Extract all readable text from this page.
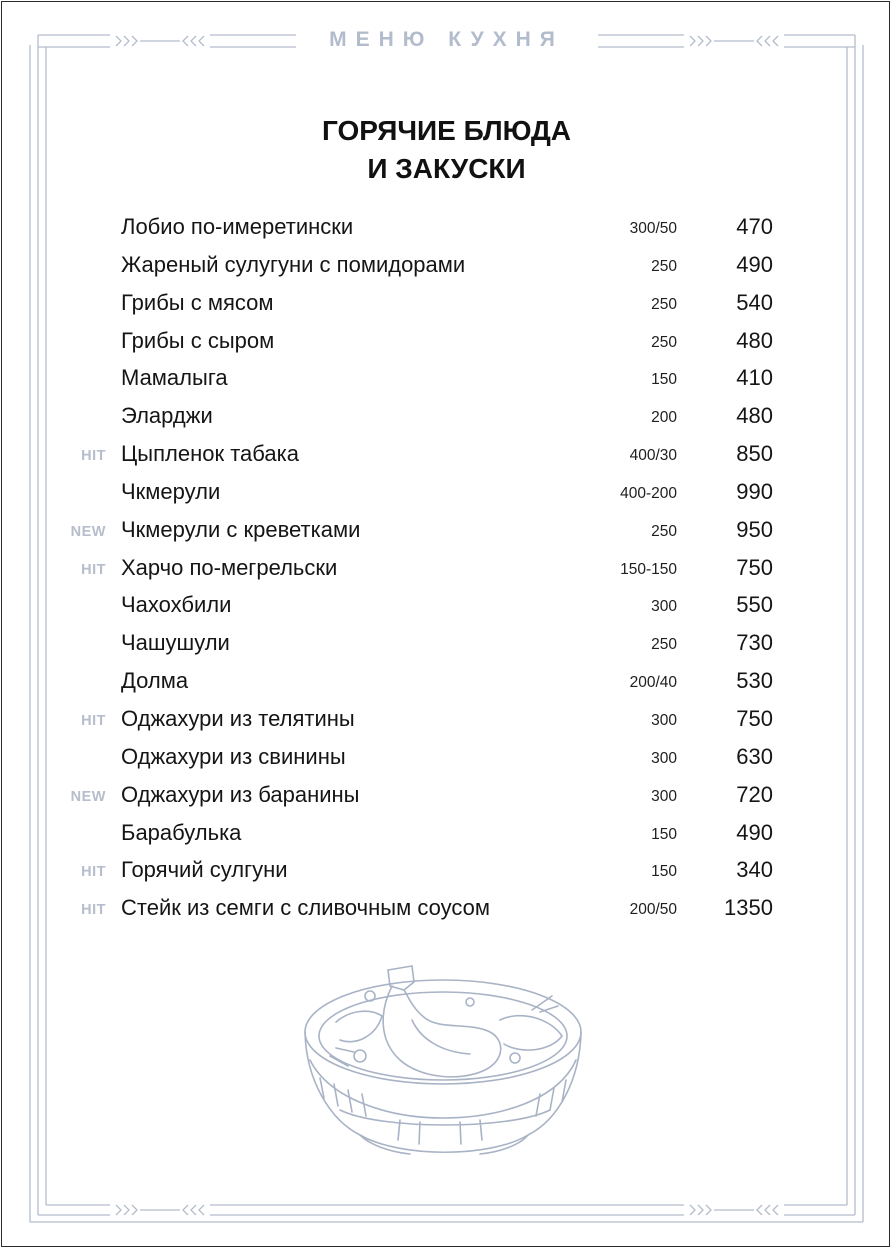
МЕНЮ КУХНЯ
ГОРЯЧИЕ БЛЮДА
И ЗАКУСКИ
Лобио по-имеретински	300/50	470
Жареный сулугуни с помидорами	250	490
Грибы с мясом	250	540
Грибы с сыром	250	480
Мамалыга	150	410
Эларджи	200	480
HIT Цыпленок табака	400/30	850
Чкмерули	400-200	990
NEW Чкмерули с креветками	250	950
HIT Харчо по-мегрельски	150-150	750
Чахохбили	300	550
Чашушули	250	730
Долма	200/40	530
HIT Оджахури из телятины	300	750
Оджахури из свинины	300	630
NEW Оджахури из баранины	300	720
Барабулька	150	490
HIT Горячий сулгуни	150	340
HIT Стейк из семги с сливочным соусом	200/50	1350
